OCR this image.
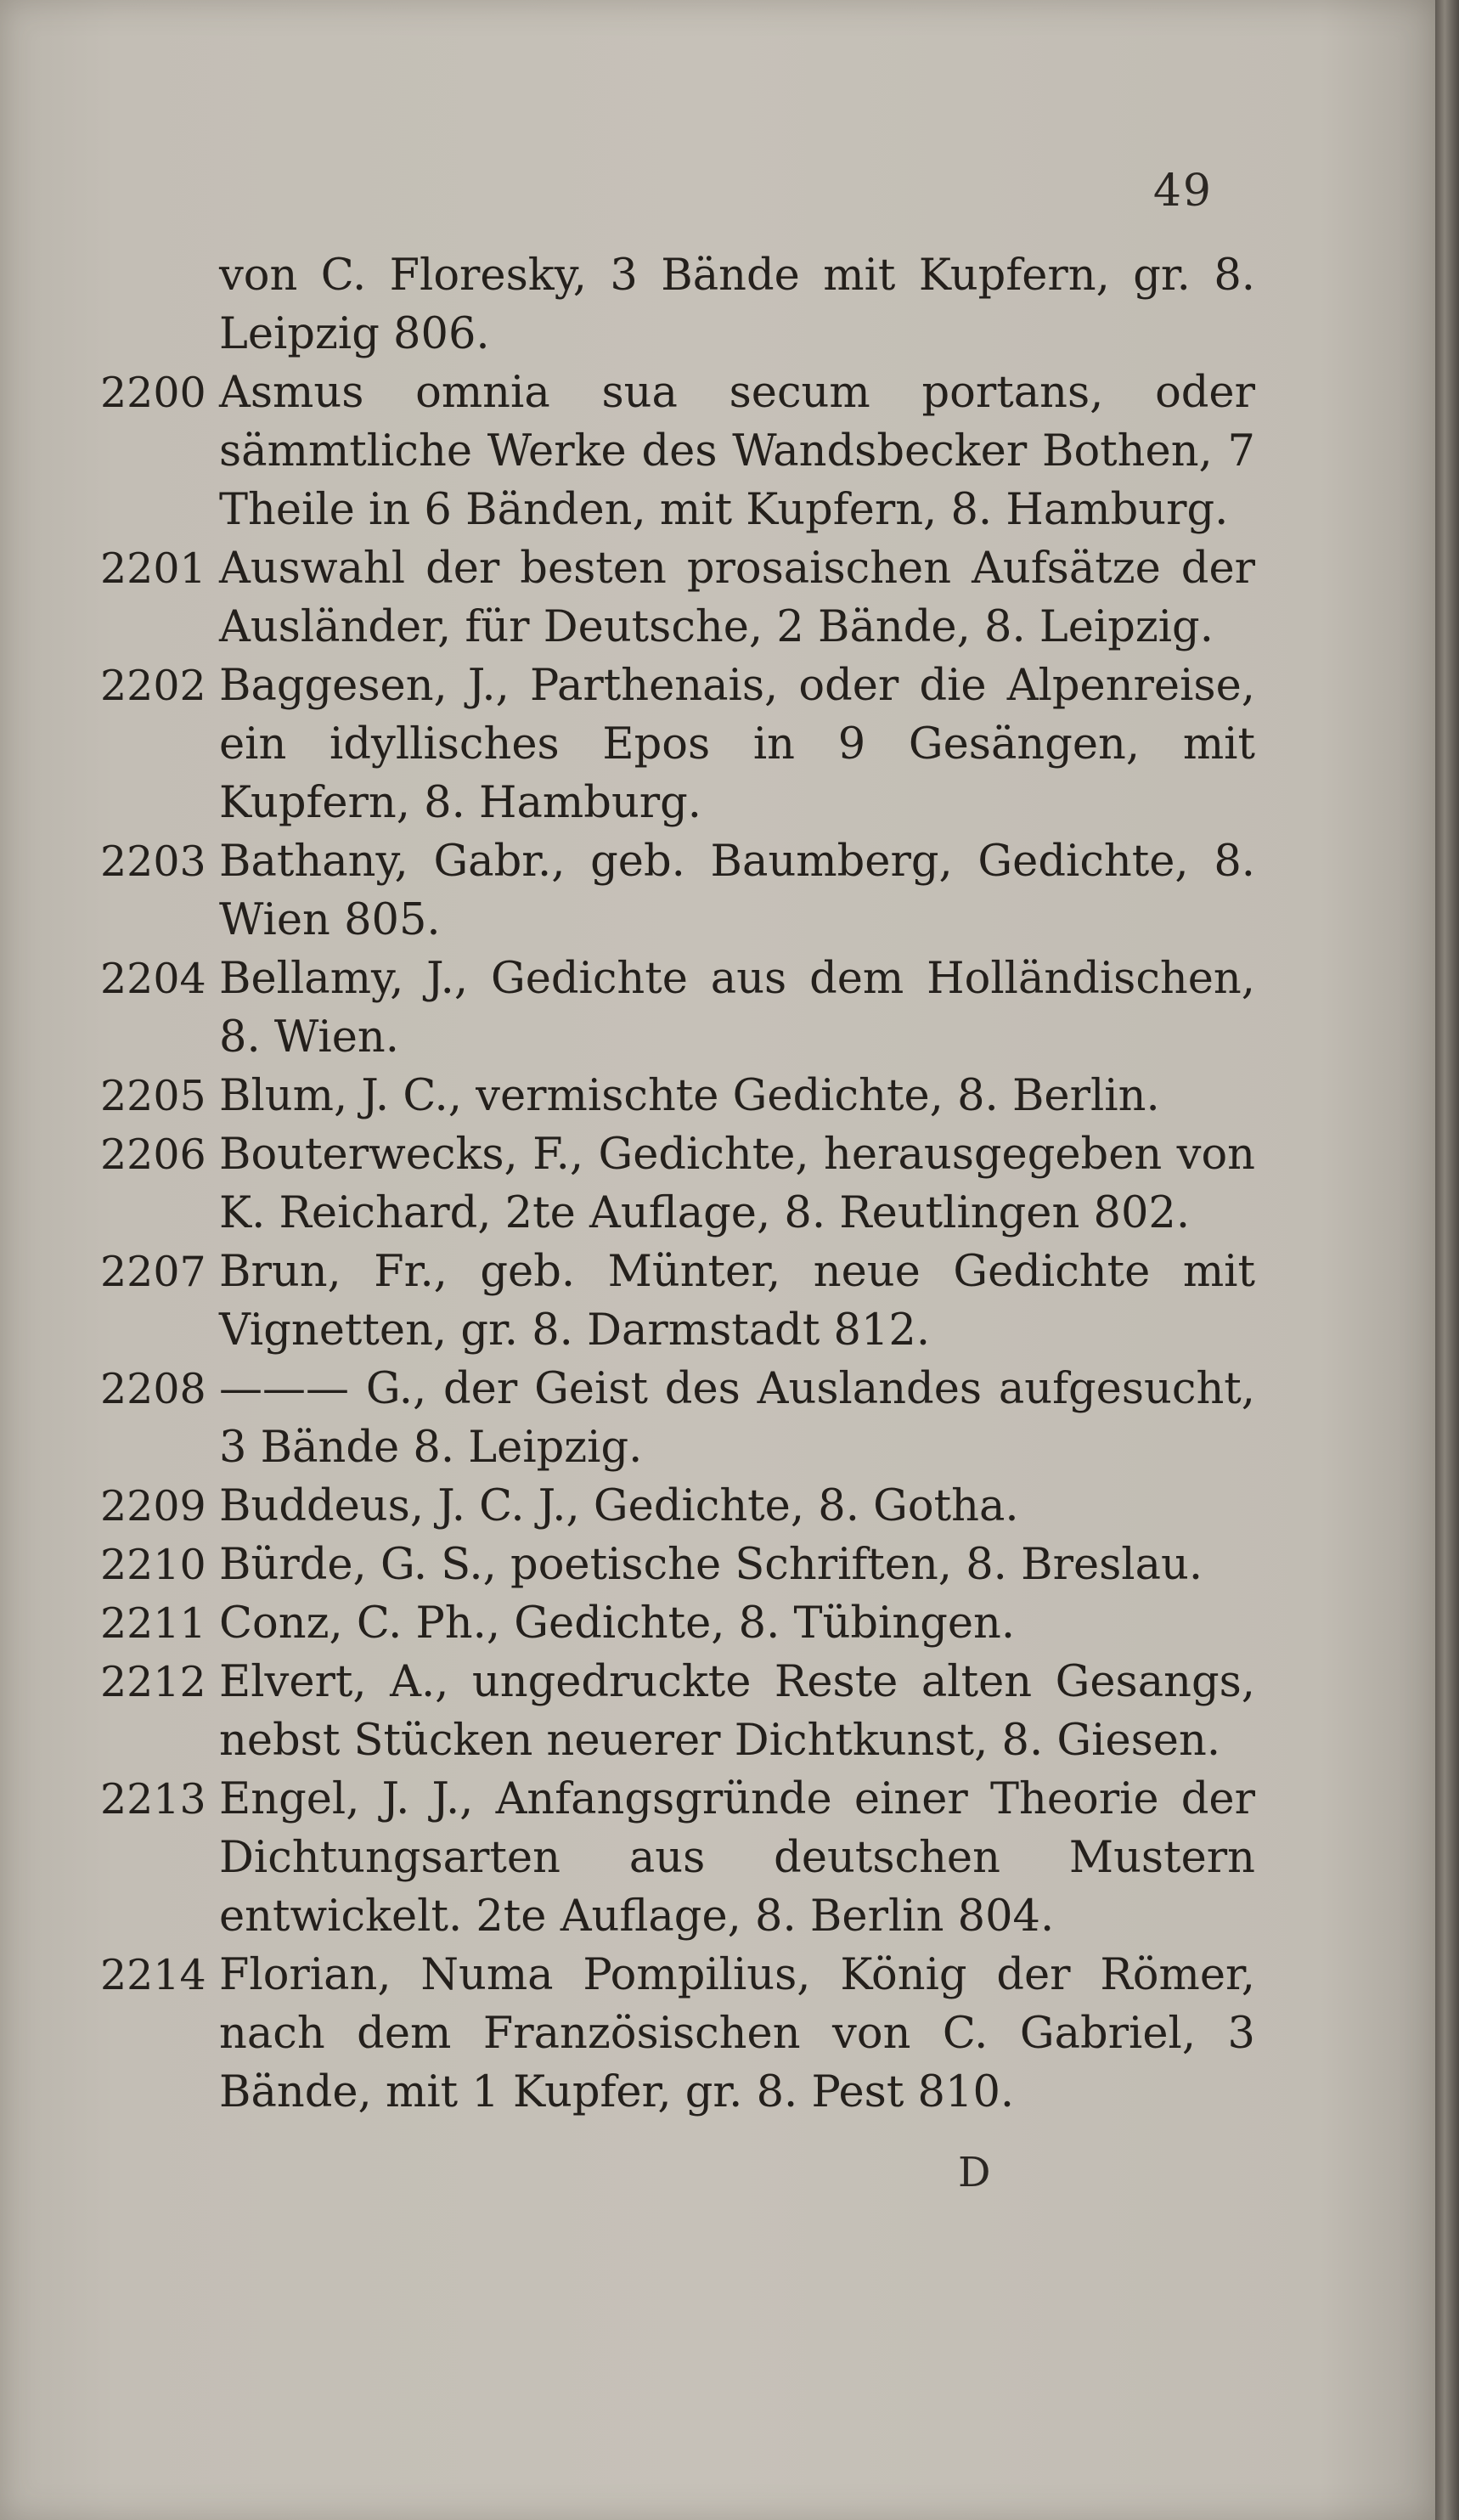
49
von C. Floresky, 3 Bände mit Kupfern, gr. 8. Leipzig 806.
2200 Asmus omnia sua secum portans, oder sämmtliche Werke des Wandsbecker Bothen, 7 Theile in 6 Bänden, mit Kupfern, 8. Hamburg.
2201 Auswahl der besten prosaischen Aufsätze der Ausländer, für Deutsche, 2 Bände, 8. Leipzig.
2202 Baggesen, J., Parthenais, oder die Alpenreise, ein idyllisches Epos in 9 Gesängen, mit Kupfern, 8. Hamburg.
2203 Bathany, Gabr., geb. Baumberg, Gedichte, 8. Wien 805.
2204 Bellamy, J., Gedichte aus dem Holländischen, 8. Wien.
2205 Blum, J. C., vermischte Gedichte, 8. Berlin.
2206 Bouterwecks, F., Gedichte, herausgegeben von K. Reichard, 2te Auflage, 8. Reutlingen 802.
2207 Brun, Fr., geb. Münter, neue Gedichte mit Vignetten, gr. 8. Darmstadt 812.
2208 ——— G., der Geist des Auslandes aufgesucht, 3 Bände 8. Leipzig.
2209 Buddeus, J. C. J., Gedichte, 8. Gotha.
2210 Bürde, G. S., poetische Schriften, 8. Breslau.
2211 Conz, C. Ph., Gedichte, 8. Tübingen.
2212 Elvert, A., ungedruckte Reste alten Gesangs, nebst Stücken neuerer Dichtkunst, 8. Giesen.
2213 Engel, J. J., Anfangsgründe einer Theorie der Dichtungsarten aus deutschen Mustern entwickelt. 2te Auflage, 8. Berlin 804.
2214 Florian, Numa Pompilius, König der Römer, nach dem Französischen von C. Gabriel, 3 Bände, mit 1 Kupfer, gr. 8. Pest 810.
D
